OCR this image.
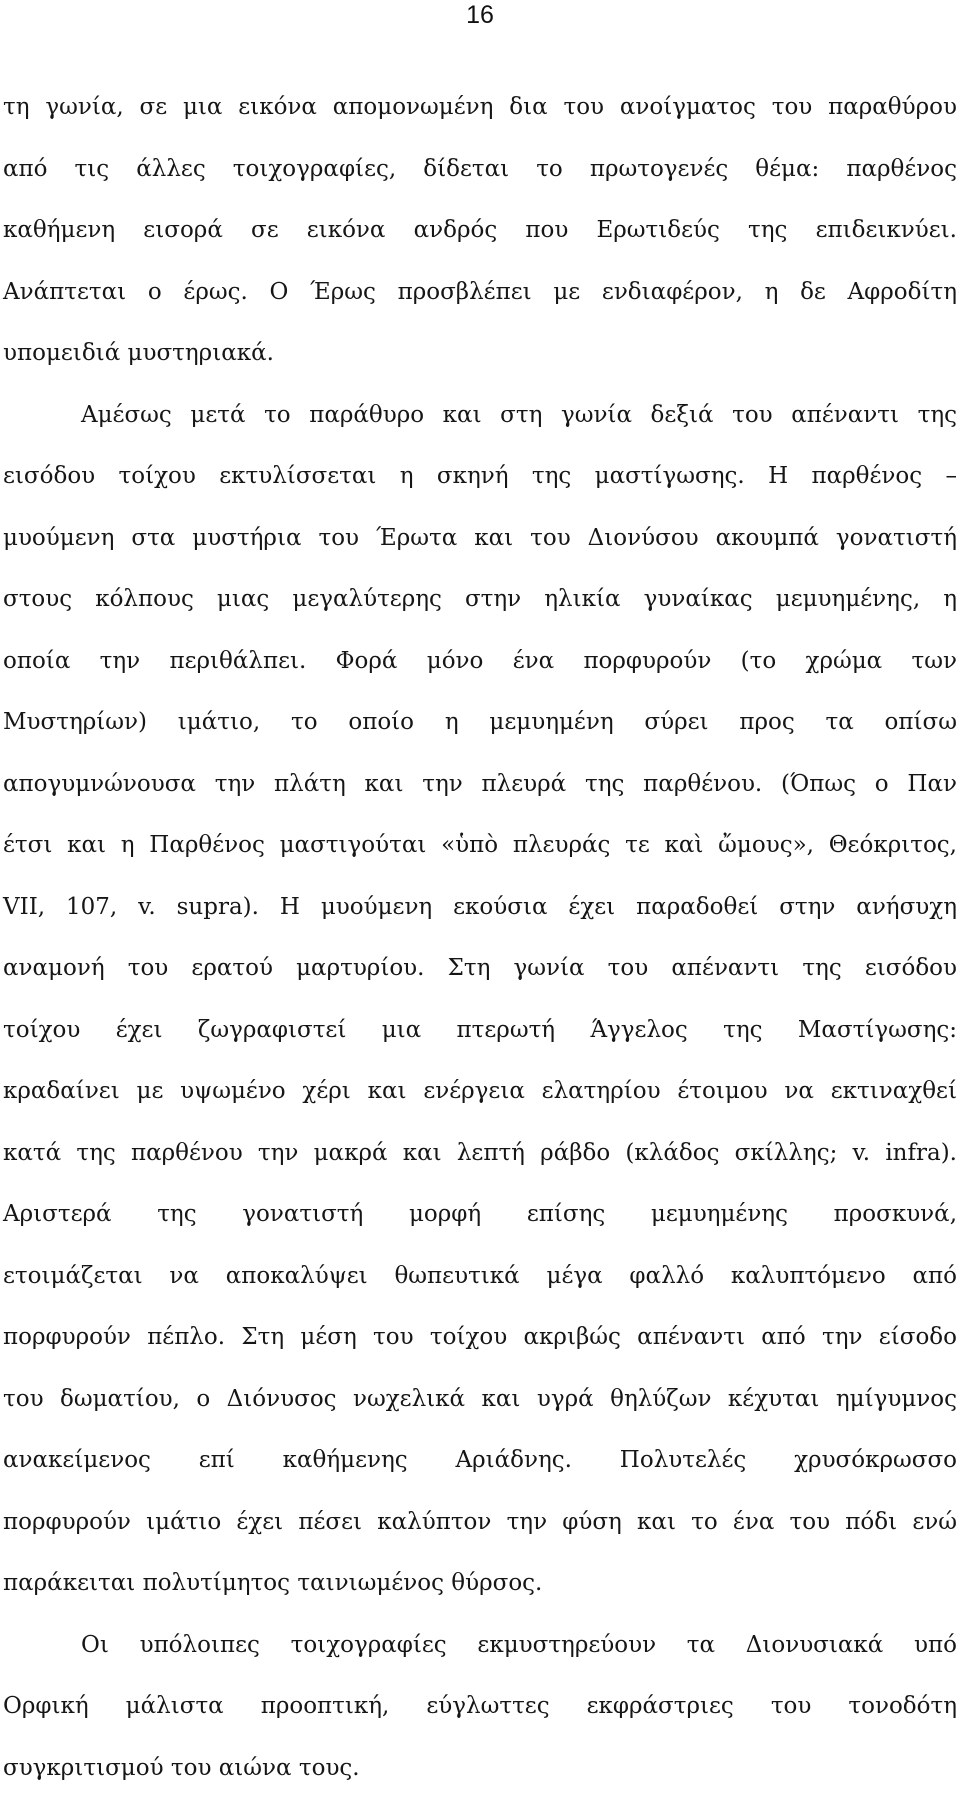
16
τη γωνία, σε μια εικόνα απομονωμένη δια του ανοίγματος του παραθύρου
από τις άλλες τοιχογραφίες, δίδεται το πρωτογενές θέμα: παρθένος
καθήμενη εισορά σε εικόνα ανδρός που Ερωτιδεύς της επιδεικνύει.
Ανάπτεται ο έρως. Ο Έρως προσβλέπει με ενδιαφέρον, η δε Αφροδίτη
υπομειδιά μυστηριακά.
Αμέσως μετά το παράθυρο και στη γωνία δεξιά του απέναντι της
εισόδου τοίχου εκτυλίσσεται η σκηνή της μαστίγωσης. Η παρθένος –
μυούμενη στα μυστήρια του Έρωτα και του Διονύσου ακουμπά γονατιστή
στους κόλπους μιας μεγαλύτερης στην ηλικία γυναίκας μεμυημένης, η
οποία την περιθάλπει. Φορά μόνο ένα πορφυρούν (το χρώμα των
Μυστηρίων) ιμάτιο, το οποίο η μεμυημένη σύρει προς τα οπίσω
απογυμνώνουσα την πλάτη και την πλευρά της παρθένου. (Όπως ο Παν
έτσι και η Παρθένος μαστιγούται «ὑπὸ πλευράς τε καὶ ὤμους», Θεόκριτος,
VII, 107, v. supra). Η μυούμενη εκούσια έχει παραδοθεί στην ανήσυχη
αναμονή του ερατού μαρτυρίου. Στη γωνία του απέναντι της εισόδου
τοίχου έχει ζωγραφιστεί μια πτερωτή Άγγελος της Μαστίγωσης:
κραδαίνει με υψωμένο χέρι και ενέργεια ελατηρίου έτοιμου να εκτιναχθεί
κατά της παρθένου την μακρά και λεπτή ράβδο (κλάδος σκίλλης; v. infra).
Αριστερά της γονατιστή μορφή επίσης μεμυημένης προσκυνά,
ετοιμάζεται να αποκαλύψει θωπευτικά μέγα φαλλό καλυπτόμενο από
πορφυρούν πέπλο. Στη μέση του τοίχου ακριβώς απέναντι από την είσοδο
του δωματίου, ο Διόνυσος νωχελικά και υγρά θηλύζων κέχυται ημίγυμνος
ανακείμενος επί καθήμενης Αριάδνης. Πολυτελές χρυσόκρωσσο
πορφυρούν ιμάτιο έχει πέσει καλύπτον την φύση και το ένα του πόδι ενώ
παράκειται πολυτίμητος ταινιωμένος θύρσος.
Οι υπόλοιπες τοιχογραφίες εκμυστηρεύουν τα Διονυσιακά υπό
Ορφική μάλιστα προοπτική, εύγλωττες εκφράστριες του τονοδότη
συγκριτισμού του αιώνα τους.
